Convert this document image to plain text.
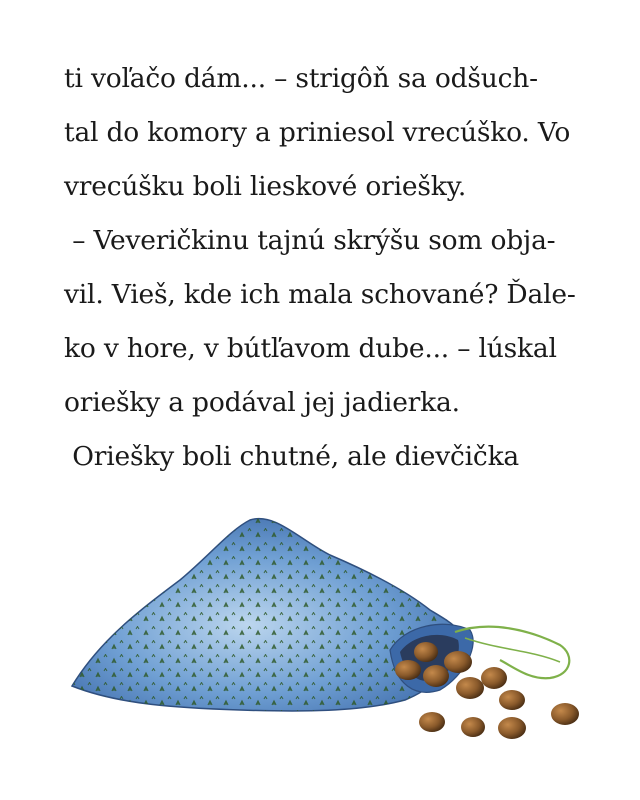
ti voľačo dám... – strigôň sa odšuch-
tal do komory a priniesol vrecúško. Vo
vrecúšku boli lieskové oriešky.
– Veveričkinu tajnú skrýšu som obja-
vil. Vieš, kde ich mala schované? Ďale-
ko v hore, v bútľavom dube... – lúskal
oriešky a podával jej jadierka.
Oriešky boli chutné, ale dievčička
